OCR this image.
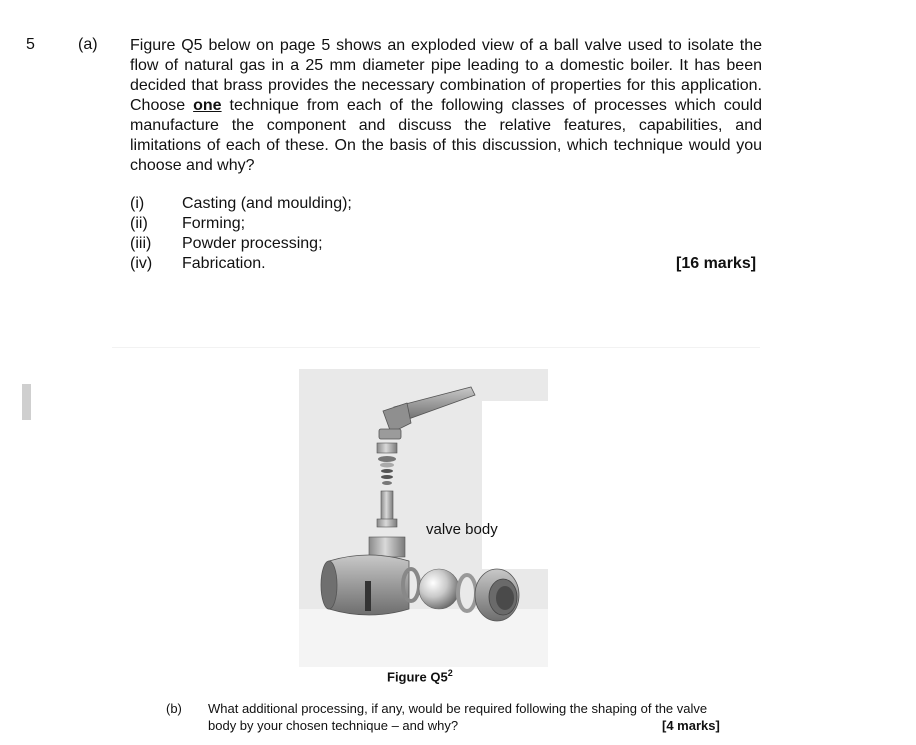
5	(a) Figure Q5 below on page 5 shows an exploded view of a ball valve used to isolate the flow of natural gas in a 25 mm diameter pipe leading to a domestic boiler. It has been decided that brass provides the necessary combination of properties for this application. Choose one technique from each of the following classes of processes which could manufacture the component and discuss the relative features, capabilities, and limitations of each of these. On the basis of this discussion, which technique would you choose and why?
(i)	Casting (and moulding);
(ii)	Forming;
(iii)	Powder processing;
(iv)	Fabrication.	[16 marks]
valve body
Figure $Q5^2$
(b) What additional processing, if any, would be required following the shaping of the valve body by your chosen technique – and why?	[4 marks]
